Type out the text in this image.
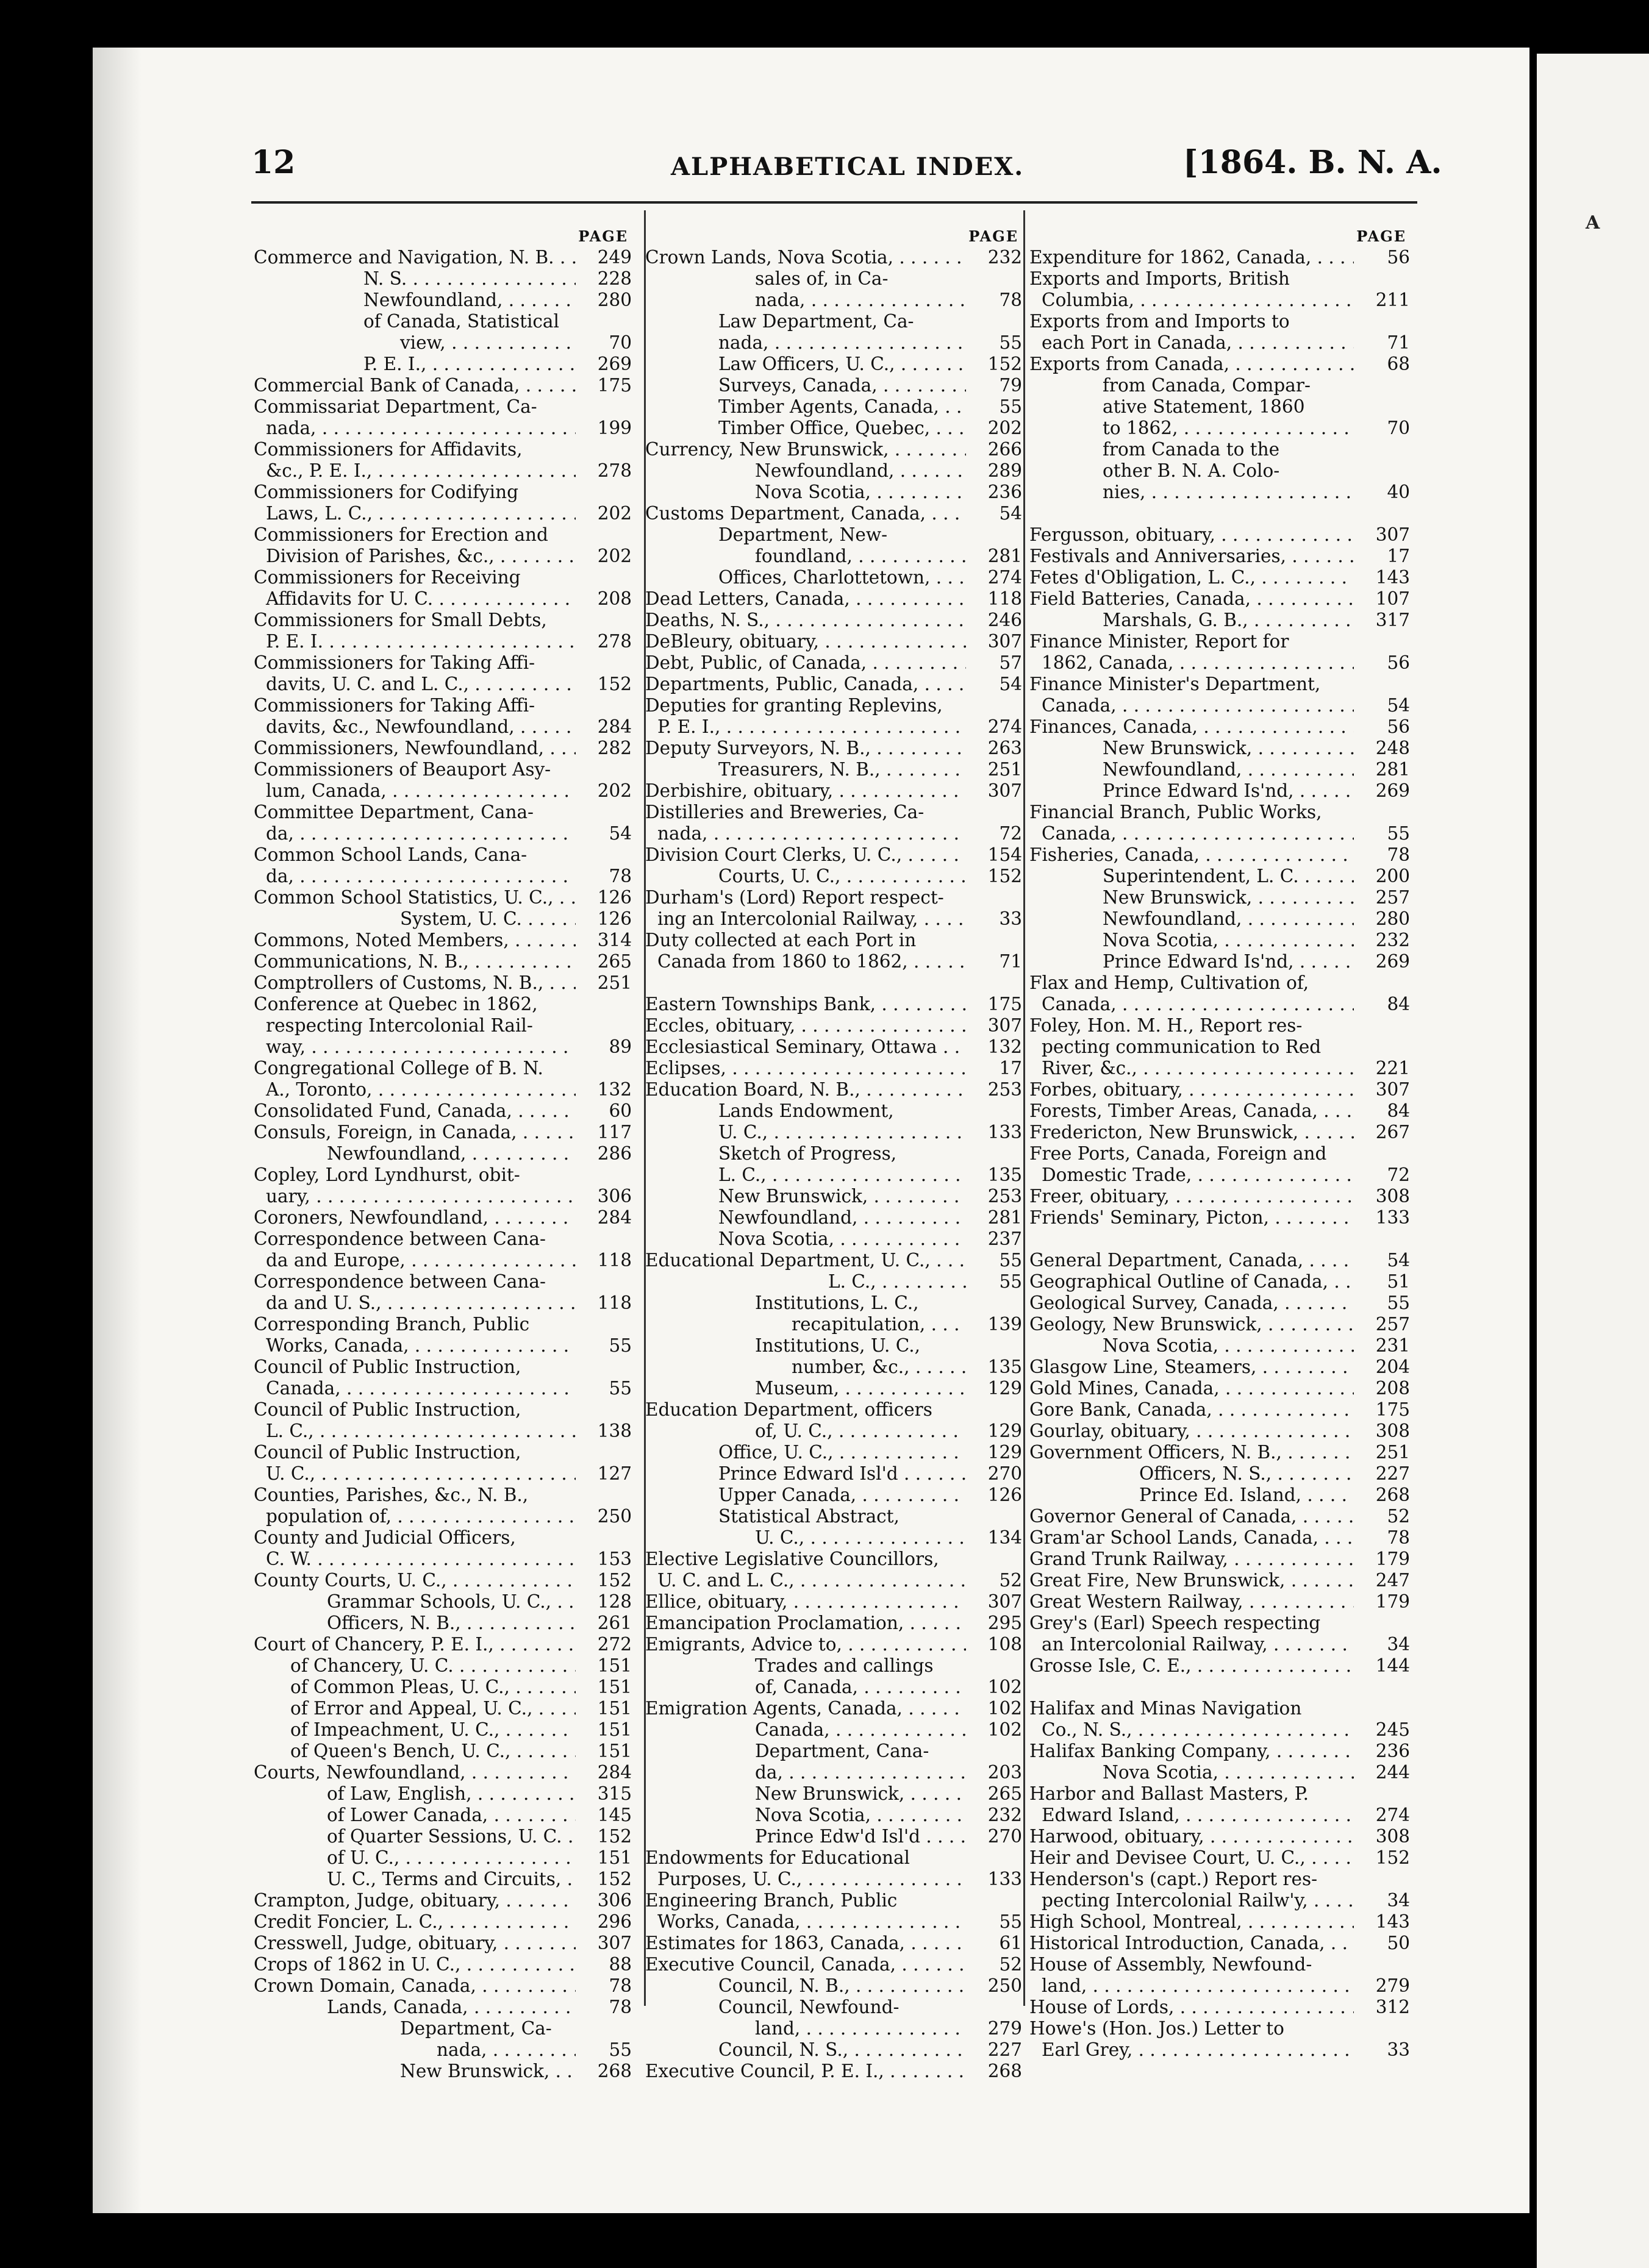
A
12	ALPHABETICAL INDEX.	[1864. B. N. A.
PAGE
Commerce and Navigation, N. B. . .	249
N. S. . .	228
Newfoundland, . .	280
of Canada, Statistical
view, . .	70
P. E. I., . .	269
Commercial Bank of Canada, . .	175
Commissariat Department, Ca-
nada, . .	199
Commissioners for Affidavits,
&c., P. E. I., . .	278
Commissioners for Codifying
Laws, L. C., . .	202
Commissioners for Erection and
Division of Parishes, &c., . .	202
Commissioners for Receiving
Affidavits for U. C. . .	208
Commissioners for Small Debts,
P. E. I. . .	278
Commissioners for Taking Affi-
davits, U. C. and L. C., . .	152
Commissioners for Taking Affi-
davits, &c., Newfoundland, . .	284
Commissioners, Newfoundland, . .	282
Commissioners of Beauport Asy-
lum, Canada, . .	202
Committee Department, Cana-
da, . .	54
Common School Lands, Cana-
da, . .	78
Common School Statistics, U. C., . .	126
System, U. C. . .	126
Commons, Noted Members, . .	314
Communications, N. B., . .	265
Comptrollers of Customs, N. B., . .	251
Conference at Quebec in 1862,
respecting Intercolonial Rail-
way, . .	89
Congregational College of B. N.
A., Toronto, . .	132
Consolidated Fund, Canada, . .	60
Consuls, Foreign, in Canada, . .	117
Newfoundland, . .	286
Copley, Lord Lyndhurst, obit-
uary, . .	306
Coroners, Newfoundland, . .	284
Correspondence between Cana-
da and Europe, . .	118
Correspondence between Cana-
da and U. S., . .	118
Corresponding Branch, Public
Works, Canada, . .	55
Council of Public Instruction,
Canada, . .	55
Council of Public Instruction,
L. C., . .	138
Council of Public Instruction,
U. C., . .	127
Counties, Parishes, &c., N. B.,
population of, . .	250
County and Judicial Officers,
C. W. . .	153
County Courts, U. C., . .	152
Grammar Schools, U. C., . .	128
Officers, N. B., . .	261
Court of Chancery, P. E. I., . .	272
of Chancery, U. C. . .	151
of Common Pleas, U. C., . .	151
of Error and Appeal, U. C., . .	151
of Impeachment, U. C., . .	151
of Queen's Bench, U. C., . .	151
Courts, Newfoundland, . .	284
of Law, English, . .	315
of Lower Canada, . .	145
of Quarter Sessions, U. C. . .	152
of U. C., . .	151
U. C., Terms and Circuits, . .	152
Crampton, Judge, obituary, . .	306
Credit Foncier, L. C., . .	296
Cresswell, Judge, obituary, . .	307
Crops of 1862 in U. C., . .	88
Crown Domain, Canada, . .	78
Lands, Canada, . .	78
Department, Ca-
nada, . .	55
New Brunswick, . .	268
PAGE
Crown Lands, Nova Scotia, . .	232
sales of, in Ca-
nada, . .	78
Law Department, Ca-
nada, . .	55
Law Officers, U. C., . .	152
Surveys, Canada, . .	79
Timber Agents, Canada, . .	55
Timber Office, Quebec, . .	202
Currency, New Brunswick, . .	266
Newfoundland, . .	289
Nova Scotia, . .	236
Customs Department, Canada, . .	54
Department, New-
foundland, . .	281
Offices, Charlottetown, . .	274
Dead Letters, Canada, . .	118
Deaths, N. S., . .	246
DeBleury, obituary, . .	307
Debt, Public, of Canada, . .	57
Departments, Public, Canada, . .	54
Deputies for granting Replevins,
P. E. I., . .	274
Deputy Surveyors, N. B., . .	263
Treasurers, N. B., . .	251
Derbishire, obituary, . .	307
Distilleries and Breweries, Ca-
nada, . .	72
Division Court Clerks, U. C., . .	154
Courts, U. C., . .	152
Durham's (Lord) Report respect-
ing an Intercolonial Railway, . .	33
Duty collected at each Port in
Canada from 1860 to 1862, . .	71
Eastern Townships Bank, . .	175
Eccles, obituary, . .	307
Ecclesiastical Seminary, Ottawa . .	132
Eclipses, . .	17
Education Board, N. B., . .	253
Lands Endowment,
U. C., . .	133
Sketch of Progress,
L. C., . .	135
New Brunswick, . .	253
Newfoundland, . .	281
Nova Scotia, . .	237
Educational Department, U. C., . .	55
L. C., . .	55
Institutions, L. C.,
recapitulation, . .	139
Institutions, U. C.,
number, &c., . .	135
Museum, . .	129
Education Department, officers
of, U. C., . .	129
Office, U. C., . .	129
Prince Edward Isl'd . .	270
Upper Canada, . .	126
Statistical Abstract,
U. C., . .	134
Elective Legislative Councillors,
U. C. and L. C., . .	52
Ellice, obituary, . .	307
Emancipation Proclamation, . .	295
Emigrants, Advice to, . .	108
Trades and callings
of, Canada, . .	102
Emigration Agents, Canada, . .	102
Canada, . .	102
Department, Cana-
da, . .	203
New Brunswick, . .	265
Nova Scotia, . .	232
Prince Edw'd Isl'd . .	270
Endowments for Educational
Purposes, U. C., . .	133
Engineering Branch, Public
Works, Canada, . .	55
Estimates for 1863, Canada, . .	61
Executive Council, Canada, . .	52
Council, N. B., . .	250
Council, Newfound-
land, . .	279
Council, N. S., . .	227
Executive Council, P. E. I., . .	268
PAGE
Expenditure for 1862, Canada, . .	56
Exports and Imports, British
Columbia, . .	211
Exports from and Imports to
each Port in Canada, . .	71
Exports from Canada, . .	68
from Canada, Compar-
ative Statement, 1860
to 1862, . .	70
from Canada to the
other B. N. A. Colo-
nies, . .	40
Fergusson, obituary, . .	307
Festivals and Anniversaries, . .	17
Fetes d'Obligation, L. C., . .	143
Field Batteries, Canada, . .	107
Marshals, G. B., . .	317
Finance Minister, Report for
1862, Canada, . .	56
Finance Minister's Department,
Canada, . .	54
Finances, Canada, . .	56
New Brunswick, . .	248
Newfoundland, . .	281
Prince Edward Is'nd, . .	269
Financial Branch, Public Works,
Canada, . .	55
Fisheries, Canada, . .	78
Superintendent, L. C. . .	200
New Brunswick, . .	257
Newfoundland, . .	280
Nova Scotia, . .	232
Prince Edward Is'nd, . .	269
Flax and Hemp, Cultivation of,
Canada, . .	84
Foley, Hon. M. H., Report res-
pecting communication to Red
River, &c., . .	221
Forbes, obituary, . .	307
Forests, Timber Areas, Canada, . .	84
Fredericton, New Brunswick, . .	267
Free Ports, Canada, Foreign and
Domestic Trade, . .	72
Freer, obituary, . .	308
Friends' Seminary, Picton, . .	133
General Department, Canada, . .	54
Geographical Outline of Canada, . .	51
Geological Survey, Canada, . .	55
Geology, New Brunswick, . .	257
Nova Scotia, . .	231
Glasgow Line, Steamers, . .	204
Gold Mines, Canada, . .	208
Gore Bank, Canada, . .	175
Gourlay, obituary, . .	308
Government Officers, N. B., . .	251
Officers, N. S., . .	227
Prince Ed. Island, . .	268
Governor General of Canada, . .	52
Gram'ar School Lands, Canada, . .	78
Grand Trunk Railway, . .	179
Great Fire, New Brunswick, . .	247
Great Western Railway, . .	179
Grey's (Earl) Speech respecting
an Intercolonial Railway, . .	34
Grosse Isle, C. E., . .	144
Halifax and Minas Navigation
Co., N. S., . .	245
Halifax Banking Company, . .	236
Nova Scotia, . .	244
Harbor and Ballast Masters, P.
Edward Island, . .	274
Harwood, obituary, . .	308
Heir and Devisee Court, U. C., . .	152
Henderson's (capt.) Report res-
pecting Intercolonial Railw'y, . .	34
High School, Montreal, . .	143
Historical Introduction, Canada, . .	50
House of Assembly, Newfound-
land, . .	279
House of Lords, . .	312
Howe's (Hon. Jos.) Letter to
Earl Grey, . .	33
